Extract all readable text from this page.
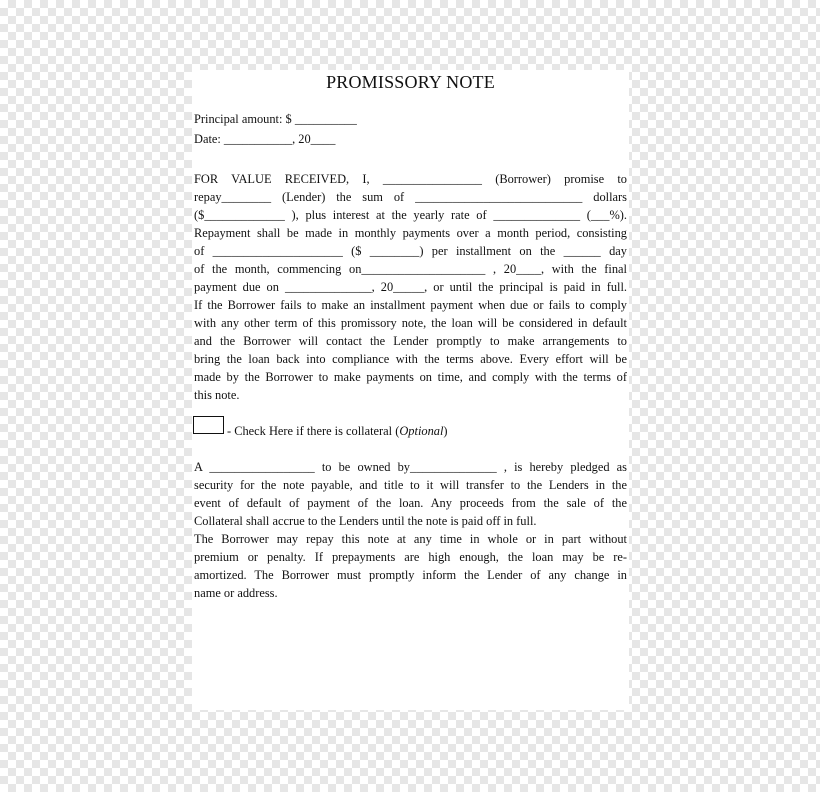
PROMISSORY NOTE
Principal amount: $ __________
Date: ___________, 20____
FOR VALUE RECEIVED, I, ________________ (Borrower) promise to
repay________ (Lender) the sum of ___________________________ dollars
($_____________ ), plus interest at the yearly rate of ______________ (___%).
Repayment shall be made in monthly payments over a month period, consisting
of _____________________ ($ ________) per installment on the ______ day
of the month, commencing on____________________ , 20____, with the final
payment due on ______________, 20_____, or until the principal is paid in full.
If the Borrower fails to make an installment payment when due or fails to comply
with any other term of this promissory note, the loan will be considered in default
and the Borrower will contact the Lender promptly to make arrangements to
bring the loan back into compliance with the terms above. Every effort will be
made by the Borrower to make payments on time, and comply with the terms of
this note.
- Check Here if there is collateral (Optional)
A _________________ to be owned by______________ , is hereby pledged as
security for the note payable, and title to it will transfer to the Lenders in the
event of default of payment of the loan. Any proceeds from the sale of the
Collateral shall accrue to the Lenders until the note is paid off in full.
The Borrower may repay this note at any time in whole or in part without
premium or penalty. If prepayments are high enough, the loan may be re-
amortized. The Borrower must promptly inform the Lender of any change in
name or address.
